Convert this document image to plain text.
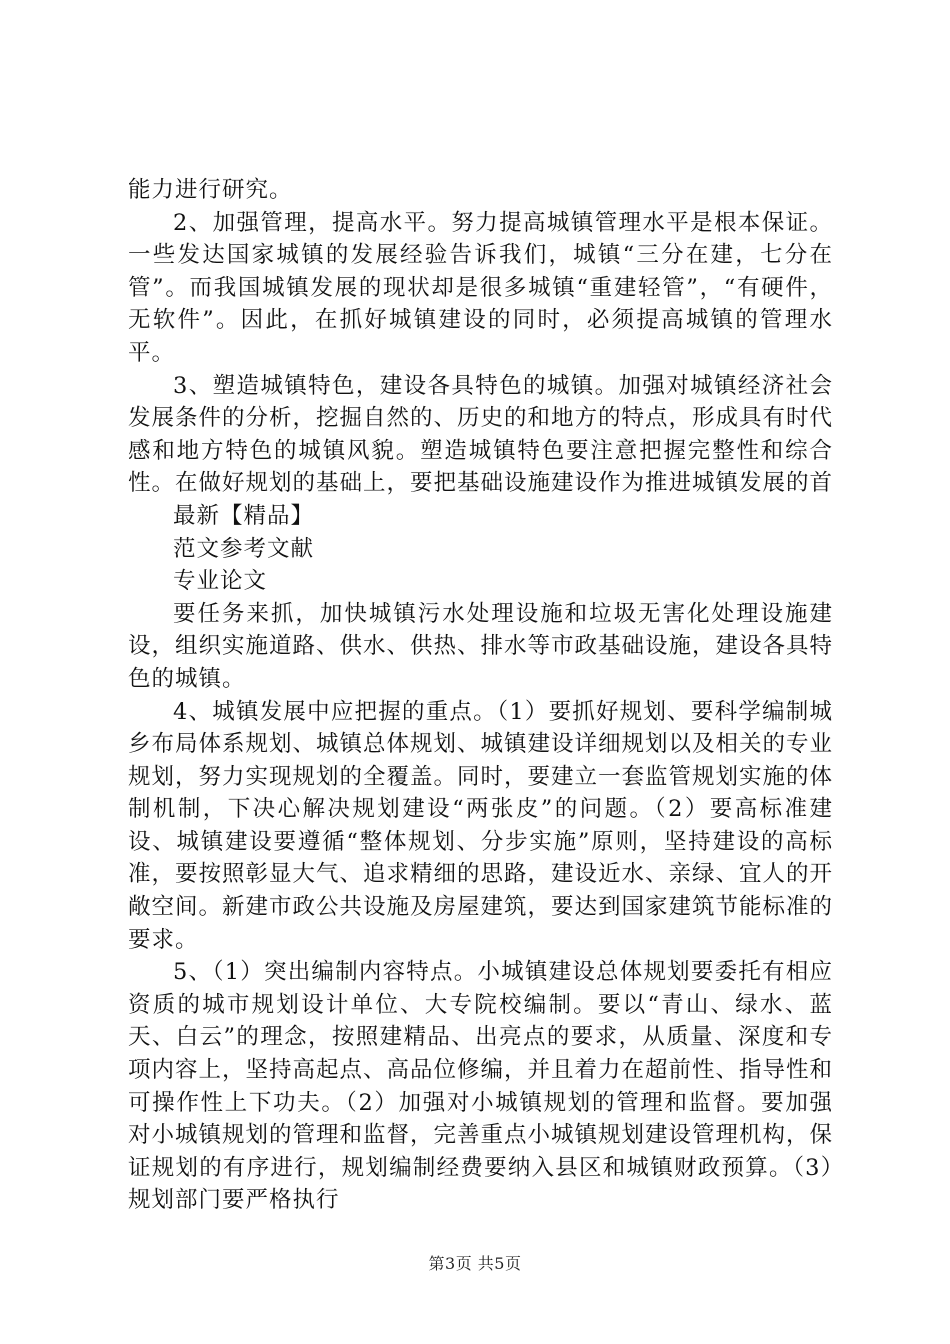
能力进行研究。

2、加强管理，提高水平。努力提高城镇管理水平是根本保证。一些发达国家城镇的发展经验告诉我们，城镇“三分在建，七分在管”。而我国城镇发展的现状却是很多城镇“重建轻管”，“有硬件，无软件”。因此，在抓好城镇建设的同时，必须提高城镇的管理水平。

3、塑造城镇特色，建设各具特色的城镇。加强对城镇经济社会发展条件的分析，挖掘自然的、历史的和地方的特点，形成具有时代感和地方特色的城镇风貌。塑造城镇特色要注意把握完整性和综合性。在做好规划的基础上，要把基础设施建设作为推进城镇发展的首

最新【精品】

范文参考文献

专业论文

要任务来抓，加快城镇污水处理设施和垃圾无害化处理设施建设，组织实施道路、供水、供热、排水等市政基础设施，建设各具特色的城镇。

4、城镇发展中应把握的重点。（1）要抓好规划、要科学编制城乡布局体系规划、城镇总体规划、城镇建设详细规划以及相关的专业规划，努力实现规划的全覆盖。同时，要建立一套监管规划实施的体制机制，下决心解决规划建设“两张皮”的问题。（2）要高标准建设、城镇建设要遵循“整体规划、分步实施”原则，坚持建设的高标准，要按照彰显大气、追求精细的思路，建设近水、亲绿、宜人的开敞空间。新建市政公共设施及房屋建筑，要达到国家建筑节能标准的要求。

5、（1）突出编制内容特点。小城镇建设总体规划要委托有相应资质的城市规划设计单位、大专院校编制。要以“青山、绿水、蓝天、白云”的理念，按照建精品、出亮点的要求，从质量、深度和专项内容上，坚持高起点、高品位修编，并且着力在超前性、指导性和可操作性上下功夫。（2）加强对小城镇规划的管理和监督。要加强对小城镇规划的管理和监督，完善重点小城镇规划建设管理机构，保证规划的有序进行，规划编制经费要纳入县区和城镇财政预算。（3）规划部门要严格执行

第3页 共5页
